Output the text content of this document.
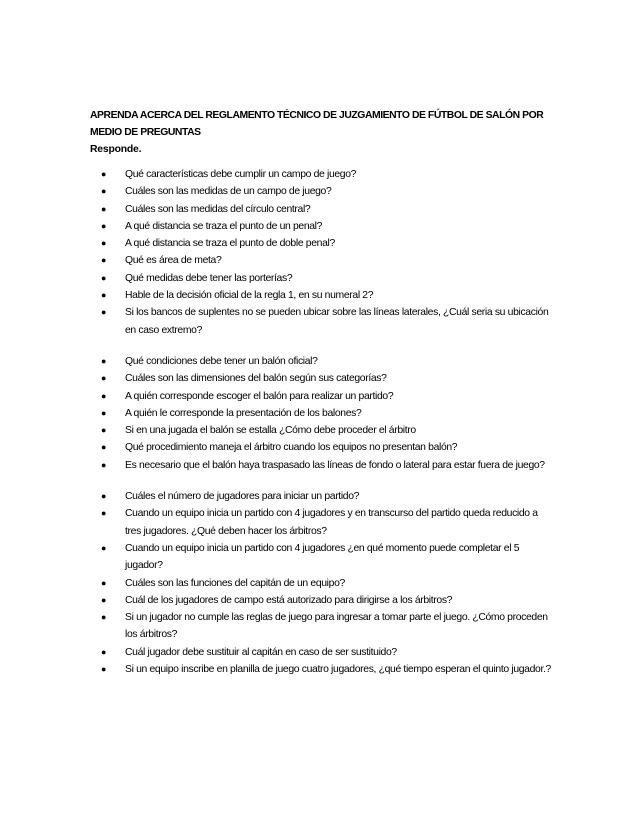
APRENDA ACERCA DEL REGLAMENTO TÉCNICO DE JUZGAMIENTO DE FÚTBOL DE SALÓN POR
MEDIO DE PREGUNTAS
Responde.
● Qué características debe cumplir un campo de juego?
● Cuáles son las medidas de un campo de juego?
● Cuáles son las medidas del círculo central?
● A qué distancia se traza el punto de un penal?
● A qué distancia se traza el punto de doble penal?
● Qué es área de meta?
● Qué medidas debe tener las porterías?
● Hable de la decisión oficial de la regla 1, en su numeral 2?
● Si los bancos de suplentes no se pueden ubicar sobre las líneas laterales, ¿Cuál seria su ubicación en caso extremo?
● Qué condiciones debe tener un balón oficial?
● Cuáles son las dimensiones del balón según sus categorías?
● A quién corresponde escoger el balón para realizar un partido?
● A quién le corresponde la presentación de los balones?
● Si en una jugada el balón se estalla ¿Cómo debe proceder el árbitro
● Qué procedimiento maneja el árbitro cuando los equipos no presentan balón?
● Es necesario que el balón haya traspasado las líneas de fondo o lateral para estar fuera de juego?
● Cuáles el número de jugadores para iniciar un partido?
● Cuando un equipo inicia un partido con 4 jugadores y en transcurso del partido queda reducido a tres jugadores. ¿Qué deben hacer los árbitros?
● Cuando un equipo inicia un partido con 4 jugadores ¿en qué momento puede completar el 5 jugador?
● Cuáles son las funciones del capitán de un equipo?
● Cuál de los jugadores de campo está autorizado para dirigirse a los árbitros?
● Si un jugador no cumple las reglas de juego para ingresar a tomar parte el juego. ¿Cómo proceden los árbitros?
● Cuál jugador debe sustituir al capitán en caso de ser sustituido?
● Si un equipo inscribe en planilla de juego cuatro jugadores, ¿qué tiempo esperan el quinto jugador.?
